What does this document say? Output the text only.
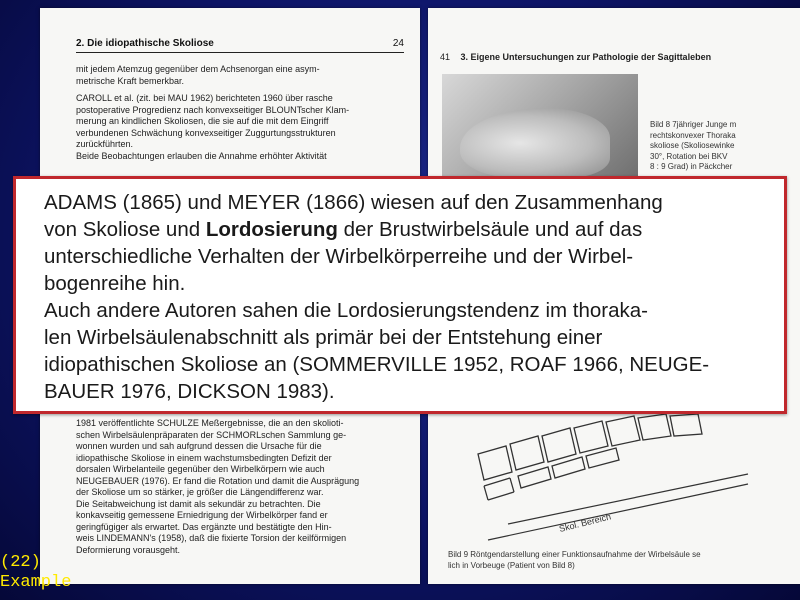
2. Die idiopathische Skoliose	24

mit jedem Atemzug gegenüber dem Achsenorgan eine asym-

metrische Kraft bemerkbar.

CAROLL et al. (zit. bei MAU 1962) berichteten 1960 über rasche

postoperative Progredienz nach konvexseitiger BLOUNTscher Klam-

merung an kindlichen Skoliosen, die sie auf die mit dem Eingriff

verbundenen Schwächung konvexseitiger Zuggurtungsstrukturen

zurückführten.

Beide Beobachtungen erlauben die Annahme erhöhter Aktivität

1981 veröffentlichte SCHULZE Meßergebnisse, die an den skolioti-

schen Wirbelsäulenpräparaten der SCHMORLschen Sammlung ge-

wonnen wurden und sah aufgrund dessen die Ursache für die

idiopathische Skoliose in einem wachstumsbedingten Defizit der

dorsalen Wirbelanteile gegenüber den Wirbelkörpern wie auch

NEUGEBAUER (1976). Er fand die Rotation und damit die Ausprägung

der Skoliose um so stärker, je größer die Längendifferenz war.

Die Seitabweichung ist damit als sekundär zu betrachten. Die

konkavseitig gemessene Erniedrigung der Wirbelkörper fand er

geringfügiger als erwartet. Das ergänzte und bestätigte den Hin-

weis LINDEMANN's (1958), daß die fixierte Torsion der keilförmigen

Deformierung vorausgeht.

41 3. Eigene Untersuchungen zur Pathologie der Sagittaleben
Bild 8 7jähriger Junge m
rechtskonvexer Thoraka
skoliose (Skoliosewinke
30°, Rotation bei BKV
8 : 9 Grad) in Päckcher
Skol. Bereich
Bild 9 Röntgendarstellung einer Funktionsaufnahme der Wirbelsäule se
lich in Vorbeuge (Patient von Bild 8)
ADAMS (1865) und MEYER (1866) wiesen auf den Zusammenhang
von Skoliose und Lordosierung der Brustwirbelsäule und auf das
unterschiedliche Verhalten der Wirbelkörperreihe und der Wirbel-
bogenreihe hin.
Auch andere Autoren sahen die Lordosierungstendenz im thoraka-
len Wirbelsäulenabschnitt als primär bei der Entstehung einer
idiopathischen Skoliose an (SOMMERVILLE 1952, ROAF 1966, NEUGE-
BAUER 1976, DICKSON 1983).
(22)
Example
